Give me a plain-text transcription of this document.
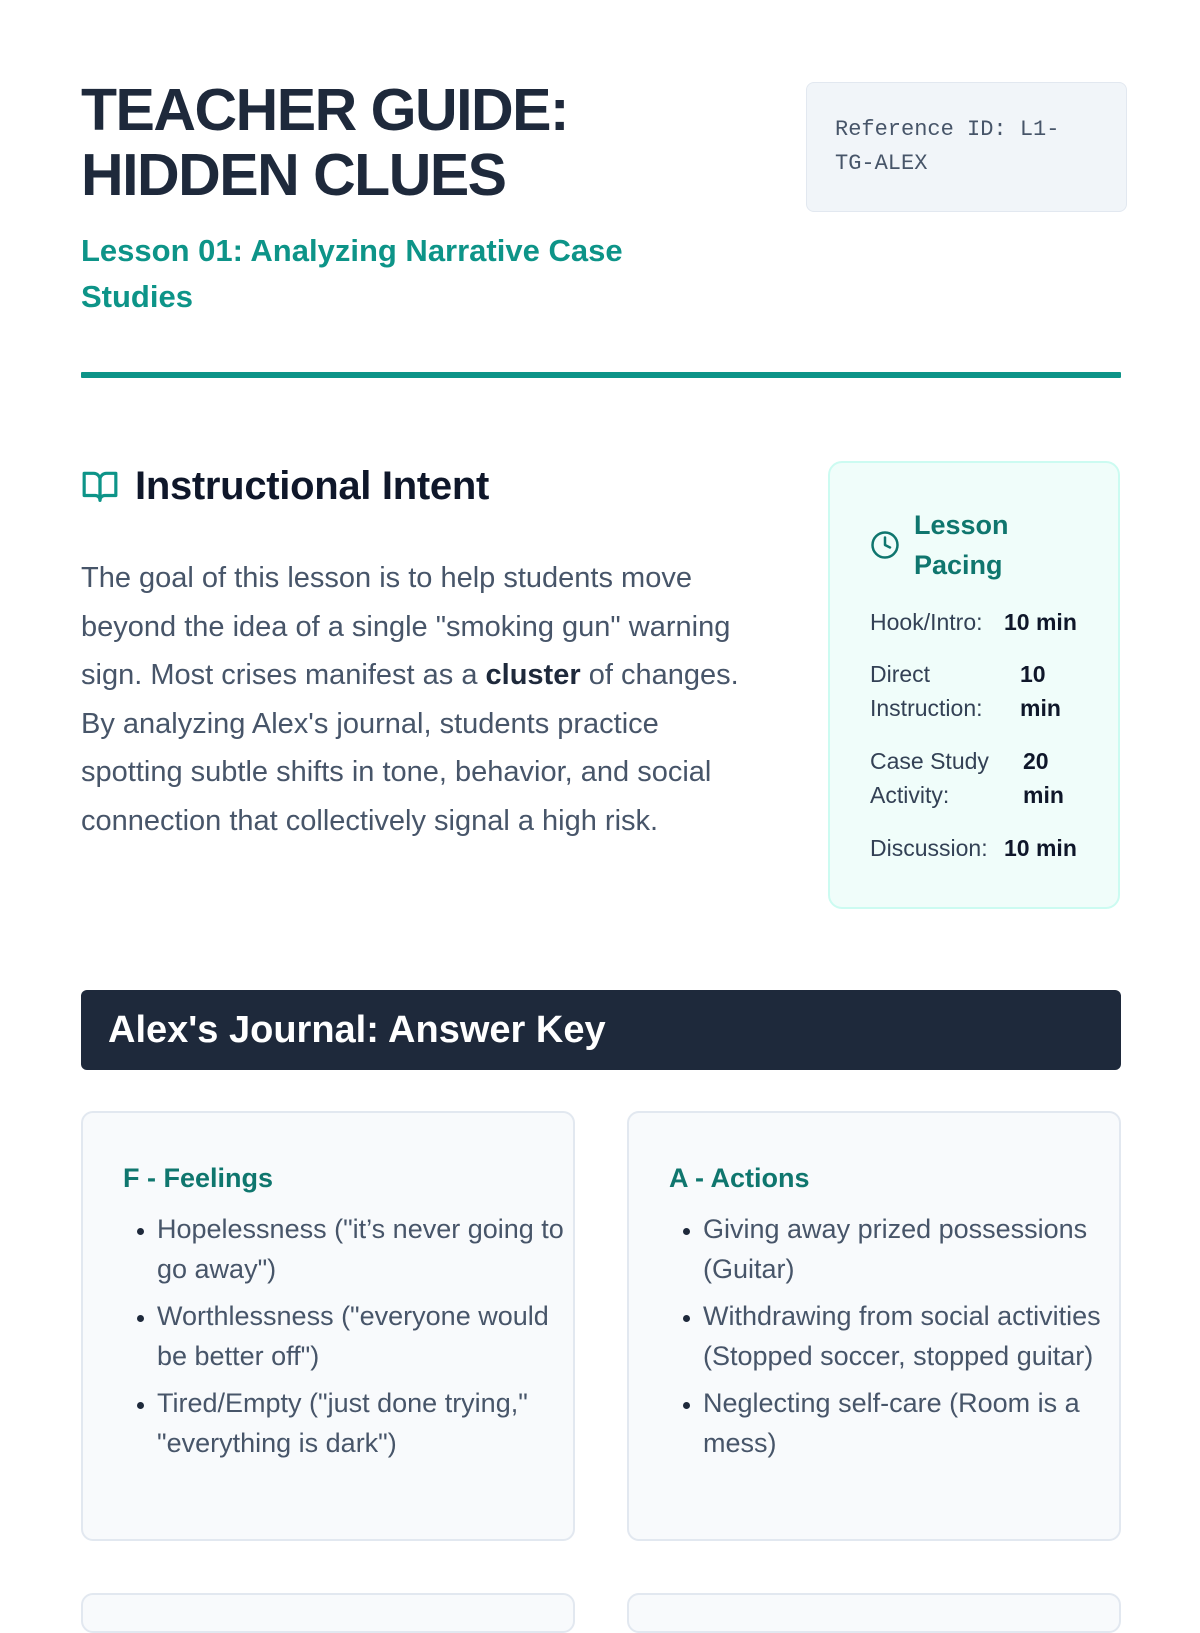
TEACHER GUIDE:
HIDDEN CLUES
Lesson 01: Analyzing Narrative Case Studies
Reference ID: L1-TG-ALEX
Instructional Intent

The goal of this lesson is to help students move beyond the idea of a single "smoking gun" warning sign. Most crises manifest as a cluster of changes. By analyzing Alex's journal, students practice spotting subtle shifts in tone, behavior, and social connection that collectively signal a high risk.

Lesson Pacing
Hook/Intro: 10 min
Direct Instruction:
10 min
Case Study Activity:
20 min
Discussion: 10 min
Alex's Journal: Answer Key
F - Feelings
• Hopelessness ("it’s never going to go away")
• Worthlessness ("everyone would be better off")
• Tired/Empty ("just done trying," "everything is dark")
A - Actions
• Giving away prized possessions (Guitar)
• Withdrawing from social activities (Stopped soccer, stopped guitar)
• Neglecting self-care (Room is a mess)
